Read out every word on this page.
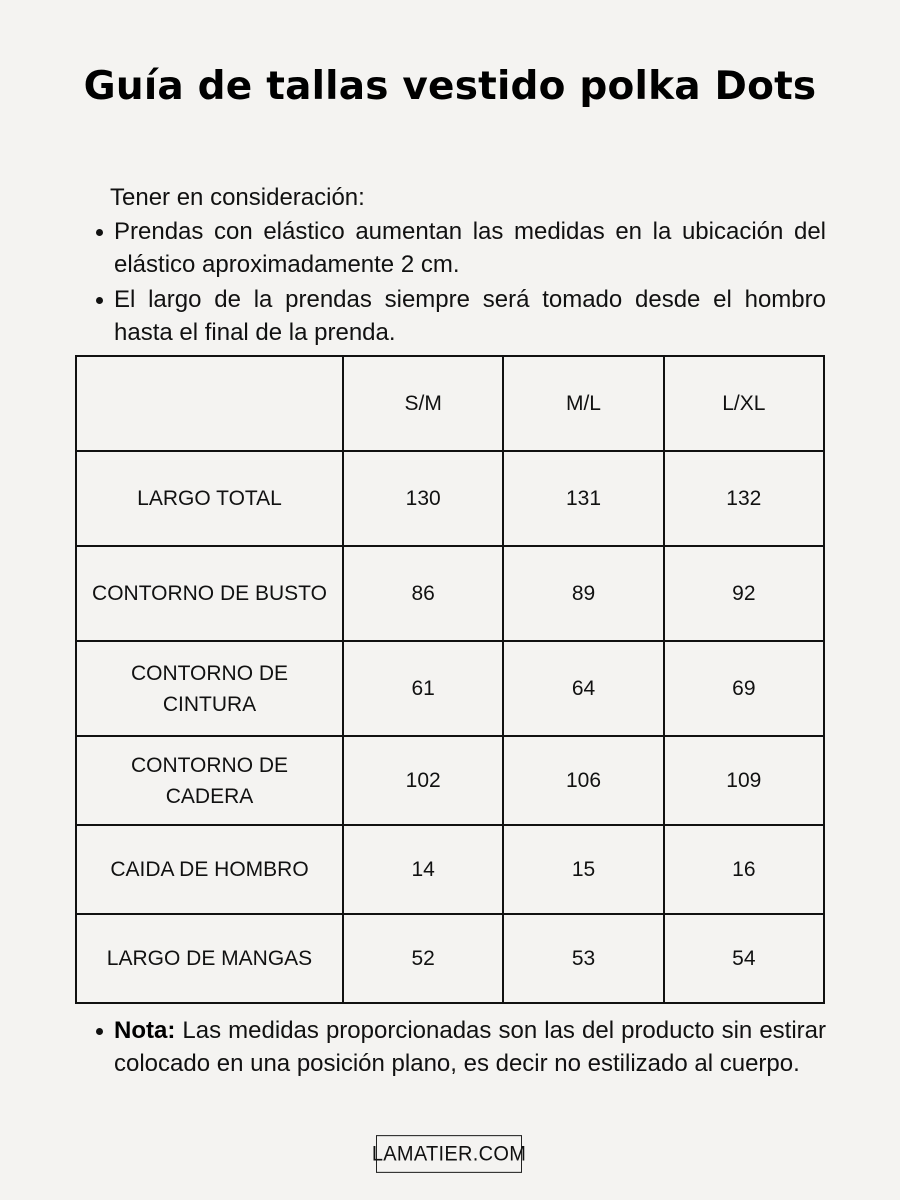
Guía de tallas vestido polka Dots
Tener en consideración:
Prendas con elástico aumentan las medidas en la ubicación del elástico aproximadamente 2 cm.
El largo de la prendas siempre será tomado desde el hombro hasta el final de la prenda.
	S/M	M/L	L/XL
LARGO TOTAL	130	131	132
CONTORNO DE BUSTO	86	89	92
CONTORNO DE CINTURA	61	64	69
CONTORNO DE CADERA	102	106	109
CAIDA DE HOMBRO	14	15	16
LARGO DE MANGAS	52	53	54
Nota: Las medidas proporcionadas son las del producto sin estirar colocado en una posición plano, es decir no estilizado al cuerpo.
LAMATIER.COM
